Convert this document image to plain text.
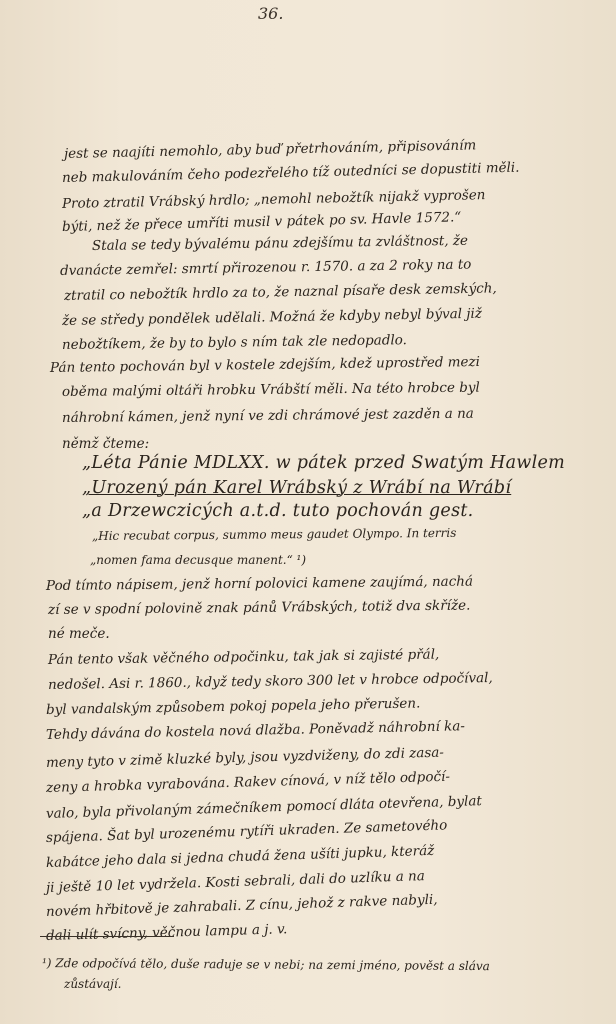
36.
jest se naajíti nemohlo, aby buď přetrhováním, připisováním
neb makulováním čeho podezřelého tíž outedníci se dopustiti měli.
Proto ztratil Vrábský hrdlo; „nemohl nebožtík nijakž vyprošen
býti, než že přece umříti musil v pátek po sv. Havle 1572.“
Stala se tedy bývalému pánu zdejšímu ta zvláštnost, že
dvanácte zemřel: smrtí přirozenou r. 1570. a za 2 roky na to
ztratil co nebožtík hrdlo za to, že naznal písaře desk zemských,
že se středy pondělek udělali. Možná že kdyby nebyl býval již
nebožtíkem, že by to bylo s ním tak zle nedopadlo.
Pán tento pochován byl v kostele zdejším, kdež uprostřed mezi
oběma malými oltáři hrobku Vrábští měli. Na této hrobce byl
náhrobní kámen, jenž nyní ve zdi chrámové jest zazděn a na
němž čteme:
„Léta Pánie MDLXX. w pátek przed Swatým Hawlem
„Urozený pán Karel Wrábský z Wrábí na Wrábí
„a Drzewczicých a.t.d. tuto pochován gest.
„Hic recubat corpus, summo meus gaudet Olympo. In terris
„nomen fama decusque manent.“ ¹)
Pod tímto nápisem, jenž horní polovici kamene zaujímá, nachá
zí se v spodní polovině znak pánů Vrábských, totiž dva skříže.
né meče.
Pán tento však věčného odpočinku, tak jak si zajisté přál,
nedošel. Asi r. 1860., když tedy skoro 300 let v hrobce odpočíval,
byl vandalským způsobem pokoj popela jeho přerušen.
Tehdy dávána do kostela nová dlažba. Poněvadž náhrobní ka-
meny tyto v zimě kluzké byly, jsou vyzdviženy, do zdi zasa-
zeny a hrobka vyrabována. Rakev cínová, v níž tělo odpočí-
valo, byla přivolaným zámečníkem pomocí dláta otevřena, bylat
spájena. Šat byl urozenému rytíři ukraden. Ze sametového
kabátce jeho dala si jedna chudá žena ušíti jupku, kteráž
ji ještě 10 let vydržela. Kosti sebrali, dali do uzlíku a na
novém hřbitově je zahrabali. Z cínu, jehož z rakve nabyli,
dali ulít svícny, věčnou lampu a j. v.
¹) Zde odpočívá tělo, duše raduje se v nebi; na zemi jméno, pověst a sláva
zůstávají.
